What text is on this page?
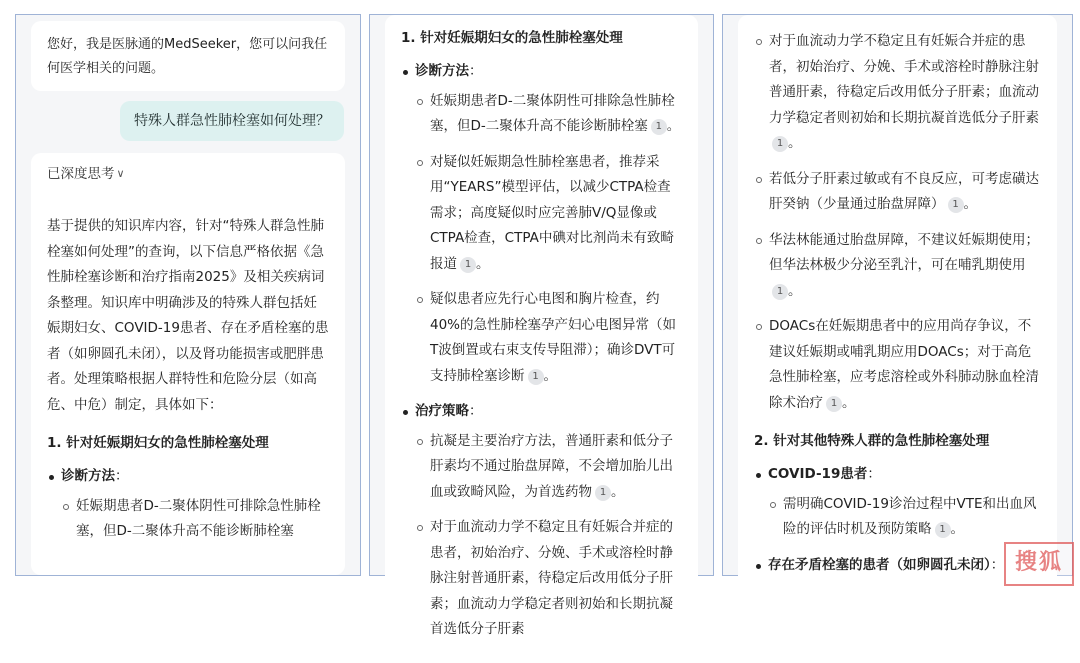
您好，我是医脉通的MedSeeker，您可以问我任何医学相关的问题。

特殊人群急性肺栓塞如何处理？
已深度思考 ∨

基于提供的知识库内容，针对“特殊人群急性肺栓塞如何处理”的查询，以下信息严格依据《急性肺栓塞诊断和治疗指南2025》及相关疾病词条整理。知识库中明确涉及的特殊人群包括妊娠期妇女、COVID-19患者、存在矛盾栓塞的患者（如卵圆孔未闭），以及肾功能损害或肥胖患者。处理策略根据人群特性和危险分层（如高危、中危）制定，具体如下：

1. 针对妊娠期妇女的急性肺栓塞处理
诊断方法：
妊娠期患者D-二聚体阴性可排除急性肺栓塞，但D-二聚体升高不能诊断肺栓塞
1. 针对妊娠期妇女的急性肺栓塞处理
诊断方法：
妊娠期患者D-二聚体阴性可排除急性肺栓塞，但D-二聚体升高不能诊断肺栓塞 1 。
对疑似妊娠期急性肺栓塞患者，推荐采用“YEARS”模型评估，以减少CTPA检查需求；高度疑似时应完善肺V/Q显像或CTPA检查，CTPA中碘对比剂尚未有致畸报道 1 。
疑似患者应先行心电图和胸片检查，约40%的急性肺栓塞孕产妇心电图异常（如T波倒置或右束支传导阻滞）；确诊DVT可支持肺栓塞诊断 1 。
治疗策略：
抗凝是主要治疗方法，普通肝素和低分子肝素均不通过胎盘屏障，不会增加胎儿出血或致畸风险，为首选药物 1 。
对于血流动力学不稳定且有妊娠合并症的患者，初始治疗、分娩、手术或溶栓时静脉注射普通肝素，待稳定后改用低分子肝素；血流动力学稳定者则初始和长期抗凝首选低分子肝素
对于血流动力学不稳定且有妊娠合并症的患者，初始治疗、分娩、手术或溶栓时静脉注射普通肝素，待稳定后改用低分子肝素；血流动力学稳定者则初始和长期抗凝首选低分子肝素1 。
若低分子肝素过敏或有不良反应，可考虑磺达肝癸钠（少量通过胎盘屏障） 1 。
华法林能通过胎盘屏障，不建议妊娠期使用；但华法林极少分泌至乳汁，可在哺乳期使用1 。
DOACs在妊娠期患者中的应用尚存争议，不建议妊娠期或哺乳期应用DOACs；对于高危急性肺栓塞，应考虑溶栓或外科肺动脉血栓清除术治疗 1 。
2. 针对其他特殊人群的急性肺栓塞处理
COVID-19患者：
需明确COVID-19诊治过程中VTE和出血风险的评估时机及预防策略 1 。
存在矛盾栓塞的患者（如卵圆孔未闭）： 搜狐
